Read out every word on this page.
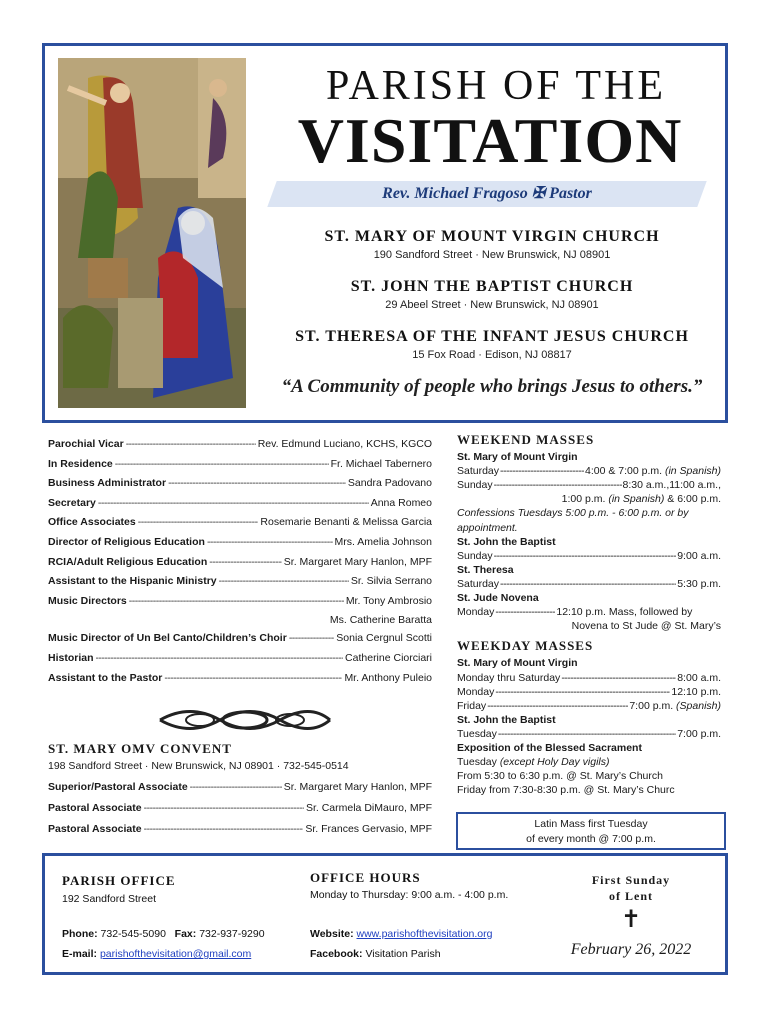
PARISH OF THE
VISITATION
Rev. Michael Fragoso ✠ Pastor
ST. MARY OF MOUNT VIRGIN CHURCH
190 Sandford Street · New Brunswick, NJ 08901
ST. JOHN THE BAPTIST CHURCH
29 Abeel Street · New Brunswick, NJ 08901
ST. THERESA OF THE INFANT JESUS CHURCH
15 Fox Road · Edison, NJ 08817
“A Community of people who brings Jesus to others.”
Parochial Vicar -----	Rev. Edmund Luciano, KCHS, KGCO
In Residence -----	Fr. Michael Tabernero
Business Administrator -----	Sandra Padovano
Secretary -----	Anna Romeo
Office Associates -----	Rosemarie Benanti & Melissa Garcia
Director of Religious Education -----	Mrs. Amelia Johnson
RCIA/Adult Religious Education -----	Sr. Margaret Mary Hanlon, MPF
Assistant to the Hispanic Ministry -----	Sr. Silvia Serrano
Music Directors -----	Mr. Tony Ambrosio
Ms. Catherine Baratta
Music Director of Un Bel Canto/Children’s Choir -----	Sonia Cergnul Scotti
Historian -----	Catherine Ciorciari
Assistant to the Pastor -----	Mr. Anthony Puleio
ST. MARY OMV CONVENT
198 Sandford Street · New Brunswick, NJ 08901 · 732-545-0514
Superior/Pastoral Associate -----	Sr. Margaret Mary Hanlon, MPF
Pastoral Associate -----	Sr. Carmela DiMauro, MPF
Pastoral Associate -----	Sr. Frances Gervasio, MPF
WEEKEND MASSES
St. Mary of Mount Virgin
Saturday -----	4:00 & 7:00 p.m.
(in Spanish)
Sunday -----	8:30 a.m.,11:00 a.m.,
1:00 p.m. (in Spanish) & 6:00 p.m.
Confessions Tuesdays 5:00 p.m. - 6:00 p.m. or by appointment.
St. John the Baptist
Sunday -----	9:00 a.m.
St. Theresa
Saturday -----	5:30 p.m.
St. Jude Novena
Monday -----	12:10 p.m. Mass, followed by
Novena to St Jude @ St. Mary’s
WEEKDAY MASSES
St. Mary of Mount Virgin
Monday thru Saturday -----	8:00 a.m.
Monday -----	12:10 p.m.
Friday -----	7:00 p.m.
(Spanish)
St. John the Baptist
Tuesday -----	7:00 p.m.
Exposition of the Blessed Sacrament
Tuesday (except Holy Day vigils)
From 5:30 to 6:30 p.m. @ St. Mary’s Church
Friday from 7:30-8:30 p.m. @ St. Mary’s Churc
Latin Mass first Tuesday
of every month @ 7:00 p.m.
PARISH OFFICE
192 Sandford Street
Phone: 732-545-5090 Fax: 732-937-9290
E-mail: parishofthevisitation@gmail.com
OFFICE HOURS
Monday to Thursday: 9:00 a.m. - 4:00 p.m.
Website: www.parishofthevisitation.org
Facebook: Visitation Parish
First Sunday
of Lent
✝
February 26, 2022
